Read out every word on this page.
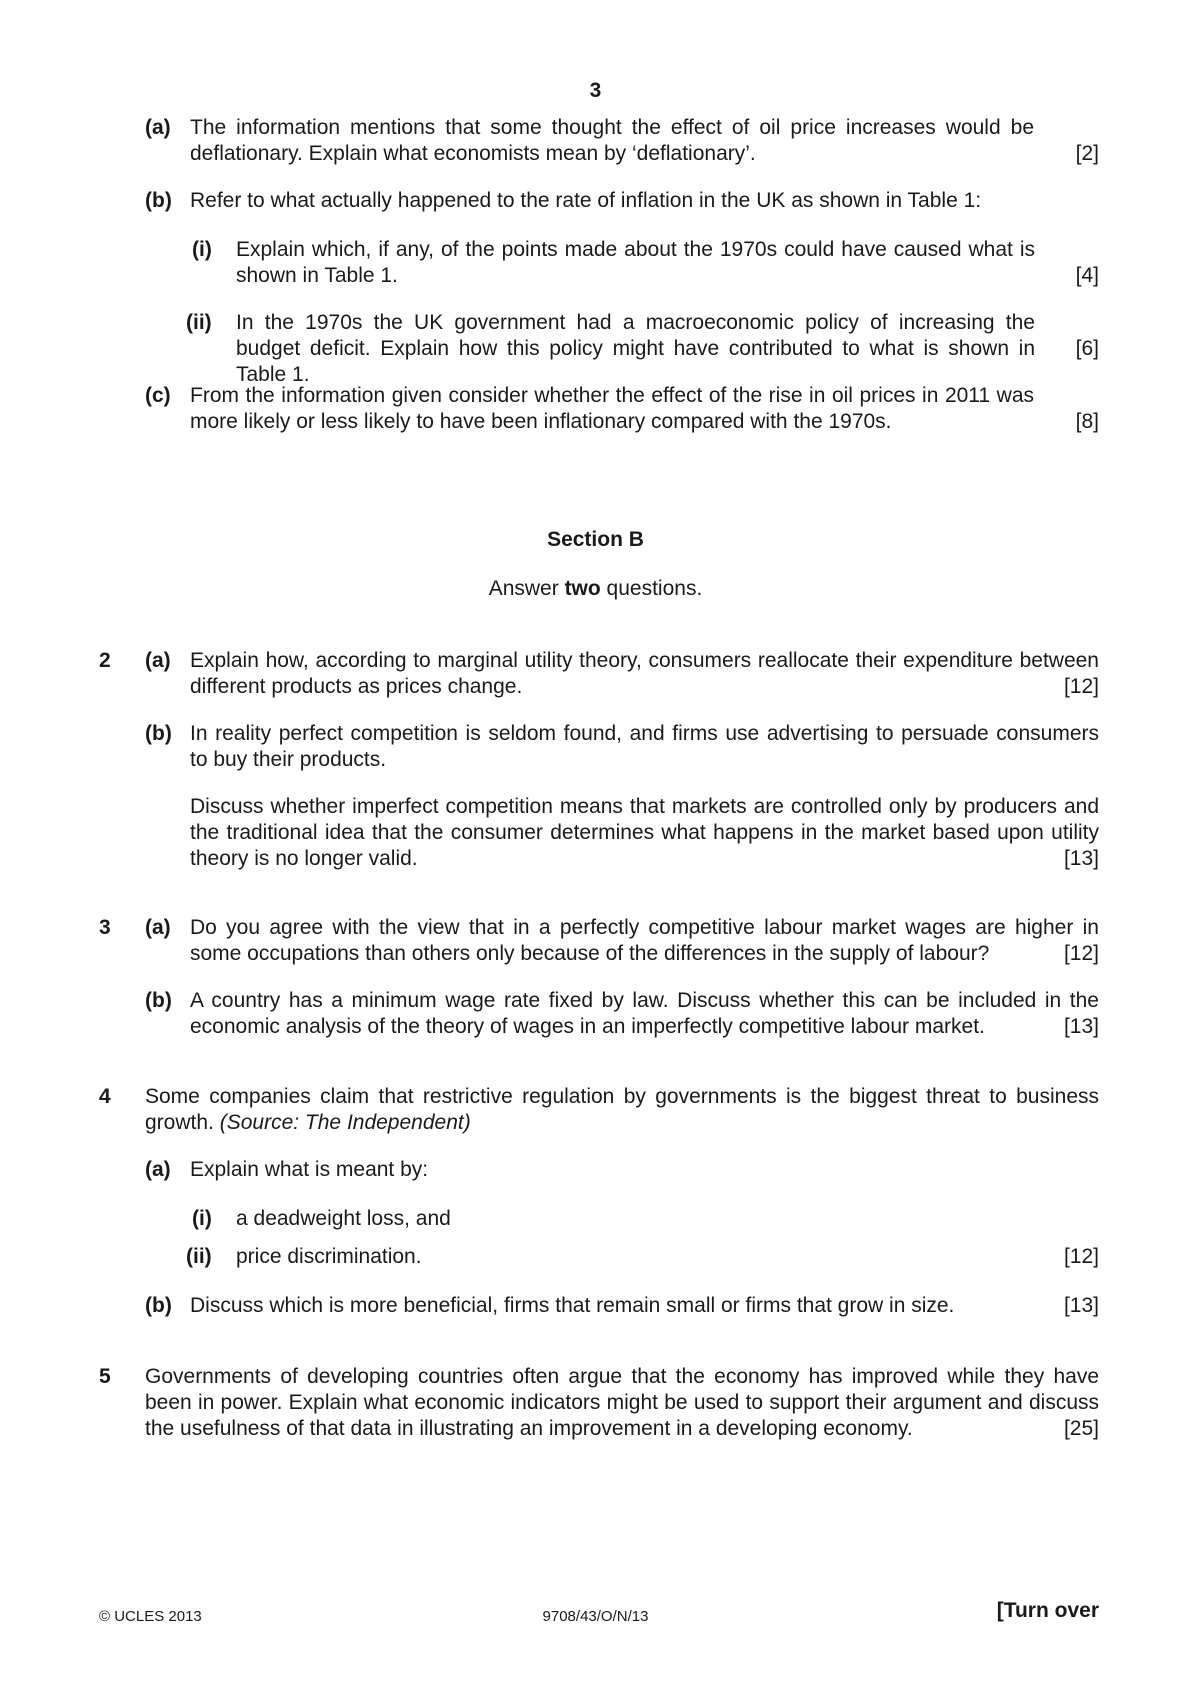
3
(a) The information mentions that some thought the effect of oil price increases would be deflationary. Explain what economists mean by ‘deflationary’.	[2]
(b) Refer to what actually happened to the rate of inflation in the UK as shown in Table 1:
(i) Explain which, if any, of the points made about the 1970s could have caused what is shown in Table 1.	[4]
(ii) In the 1970s the UK government had a macroeconomic policy of increasing the budget deficit. Explain how this policy might have contributed to what is shown in Table 1.
[6]
(c) From the information given consider whether the effect of the rise in oil prices in 2011 was more likely or less likely to have been inflationary compared with the 1970s.	[8]
Section B
Answer two questions.
2 (a) Explain how, according to marginal utility theory, consumers reallocate their expenditure between different products as prices change.	[12]
(b) In reality perfect competition is seldom found, and firms use advertising to persuade consumers to buy their products.
Discuss whether imperfect competition means that markets are controlled only by producers and the traditional idea that the consumer determines what happens in the market based upon utility theory is no longer valid.	[13]
3 (a) Do you agree with the view that in a perfectly competitive labour market wages are higher in some occupations than others only because of the differences in the supply of labour?	[12]
(b) A country has a minimum wage rate fixed by law. Discuss whether this can be included in the economic analysis of the theory of wages in an imperfectly competitive labour market.	[13]
4 Some companies claim that restrictive regulation by governments is the biggest threat to business growth. (Source: The Independent)
(a) Explain what is meant by:
(i) a deadweight loss, and
(ii) price discrimination.	[12]
(b) Discuss which is more beneficial, firms that remain small or firms that grow in size.	[13]
5 Governments of developing countries often argue that the economy has improved while they have been in power. Explain what economic indicators might be used to support their argument and discuss the usefulness of that data in illustrating an improvement in a developing economy.	[25]
© UCLES 2013	9708/43/O/N/13	[Turn over
